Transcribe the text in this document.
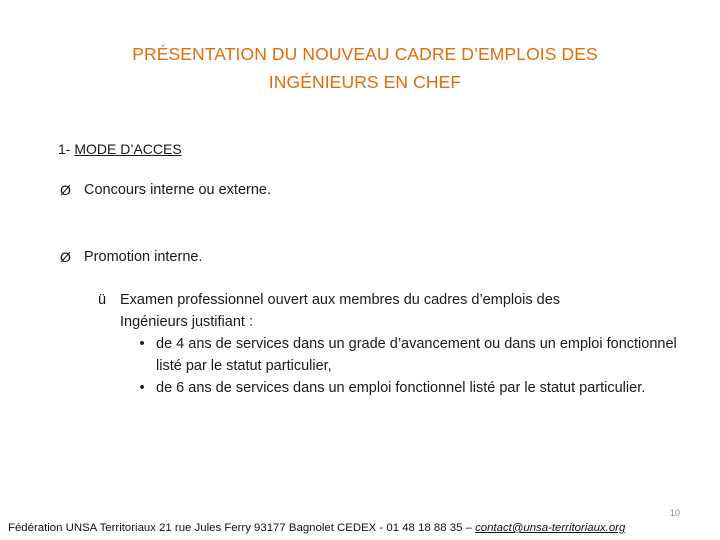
PRÉSENTATION DU NOUVEAU CADRE D’EMPLOIS DES
INGÉNIEURS EN CHEF
1- MODE D’ACCES
Ø Concours interne ou externe.
Ø Promotion interne.
ü Examen professionnel ouvert aux membres du cadres d’emplois des
Ingénieurs justifiant :
• de 4 ans de services dans un grade d’avancement ou dans un emploi fonctionnel listé par le statut particulier,
• de 6 ans de services dans un emploi fonctionnel listé par le statut particulier.
10
Fédération UNSA Territoriaux 21 rue Jules Ferry 93177 Bagnolet CEDEX - 01 48 18 88 35 – contact@unsa-territoriaux.org
